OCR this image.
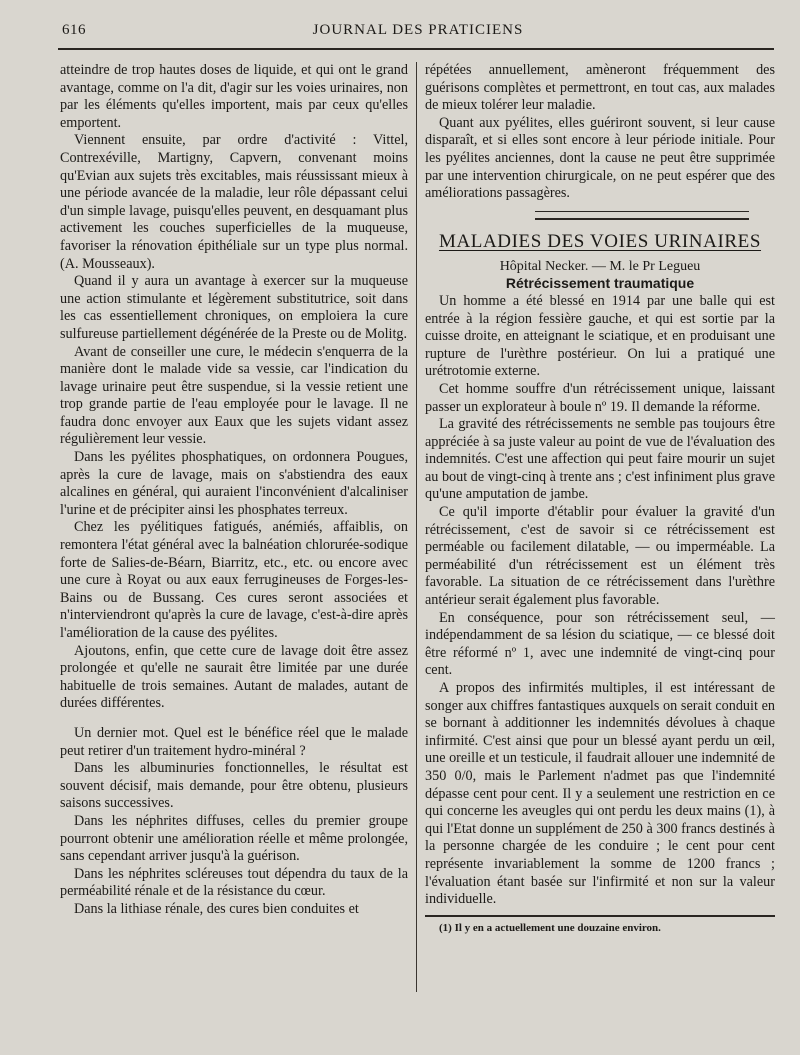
616	JOURNAL DES PRATICIENS

atteindre de trop hautes doses de liquide, et qui ont le grand avantage, comme on l'a dit, d'agir sur les voies urinaires, non par les éléments qu'elles importent, mais par ceux qu'elles emportent.

Viennent ensuite, par ordre d'activité : Vittel, Contrexéville, Martigny, Capvern, convenant moins qu'Evian aux sujets très excitables, mais réussissant mieux à une période avancée de la maladie, leur rôle dépassant celui d'un simple lavage, puisqu'elles peuvent, en desquamant plus activement les couches superficielles de la muqueuse, favoriser la rénovation épithéliale sur un type plus normal. (A. Mousseaux).

Quand il y aura un avantage à exercer sur la muqueuse une action stimulante et légèrement substitutrice, soit dans les cas essentiellement chroniques, on emploiera la cure sulfureuse partiellement dégénérée de la Preste ou de Molitg.

Avant de conseiller une cure, le médecin s'enquerra de la manière dont le malade vide sa vessie, car l'indication du lavage urinaire peut être suspendue, si la vessie retient une trop grande partie de l'eau employée pour le lavage. Il ne faudra donc envoyer aux Eaux que les sujets vidant assez régulièrement leur vessie.

Dans les pyélites phosphatiques, on ordonnera Pougues, après la cure de lavage, mais on s'abstiendra des eaux alcalines en général, qui auraient l'inconvénient d'alcaliniser l'urine et de précipiter ainsi les phosphates terreux.

Chez les pyélitiques fatigués, anémiés, affaiblis, on remontera l'état général avec la balnéation chlorurée-sodique forte de Salies-de-Béarn, Biarritz, etc., etc. ou encore avec une cure à Royat ou aux eaux ferrugineuses de Forges-les-Bains ou de Bussang. Ces cures seront associées et n'interviendront qu'après la cure de lavage, c'est-à-dire après l'amélioration de la cause des pyélites.

Ajoutons, enfin, que cette cure de lavage doit être assez prolongée et qu'elle ne saurait être limitée par une durée habituelle de trois semaines. Autant de malades, autant de durées différentes.

Un dernier mot. Quel est le bénéfice réel que le malade peut retirer d'un traitement hydro-minéral ?

Dans les albuminuries fonctionnelles, le résultat est souvent décisif, mais demande, pour être obtenu, plusieurs saisons successives.

Dans les néphrites diffuses, celles du premier groupe pourront obtenir une amélioration réelle et même prolongée, sans cependant arriver jusqu'à la guérison.

Dans les néphrites scléreuses tout dépendra du taux de la perméabilité rénale et de la résistance du cœur.

Dans la lithiase rénale, des cures bien conduites et

répétées annuellement, amèneront fréquemment des guérisons complètes et permettront, en tout cas, aux malades de mieux tolérer leur maladie.

Quant aux pyélites, elles guériront souvent, si leur cause disparaît, et si elles sont encore à leur période initiale. Pour les pyélites anciennes, dont la cause ne peut être supprimée par une intervention chirurgicale, on ne peut espérer que des améliorations passagères.

MALADIES DES VOIES URINAIRES

Hôpital Necker. — M. le Pr Legueu

Rétrécissement traumatique

Un homme a été blessé en 1914 par une balle qui est entrée à la région fessière gauche, et qui est sortie par la cuisse droite, en atteignant le sciatique, et en produisant une rupture de l'urèthre postérieur. On lui a pratiqué une urétrotomie externe.

Cet homme souffre d'un rétrécissement unique, laissant passer un explorateur à boule nº 19. Il demande la réforme.

La gravité des rétrécissements ne semble pas toujours être appréciée à sa juste valeur au point de vue de l'évaluation des indemnités. C'est une affection qui peut faire mourir un sujet au bout de vingt-cinq à trente ans ; c'est infiniment plus grave qu'une amputation de jambe.

Ce qu'il importe d'établir pour évaluer la gravité d'un rétrécissement, c'est de savoir si ce rétrécissement est perméable ou facilement dilatable, — ou imperméable. La perméabilité d'un rétrécissement est un élément très favorable. La situation de ce rétrécissement dans l'urèthre antérieur serait également plus favorable.

En conséquence, pour son rétrécissement seul, — indépendamment de sa lésion du sciatique, — ce blessé doit être réformé nº 1, avec une indemnité de vingt-cinq pour cent.

A propos des infirmités multiples, il est intéressant de songer aux chiffres fantastiques auxquels on serait conduit en se bornant à additionner les indemnités dévolues à chaque infirmité. C'est ainsi que pour un blessé ayant perdu un œil, une oreille et un testicule, il faudrait allouer une indemnité de 350 0/0, mais le Parlement n'admet pas que l'indemnité dépasse cent pour cent. Il y a seulement une restriction en ce qui concerne les aveugles qui ont perdu les deux mains (1), à qui l'Etat donne un supplément de 250 à 300 francs destinés à la personne chargée de les conduire ; le cent pour cent représente invariablement la somme de 1200 francs ; l'évaluation étant basée sur l'infirmité et non sur la valeur individuelle.

(1) Il y en a actuellement une douzaine environ.
